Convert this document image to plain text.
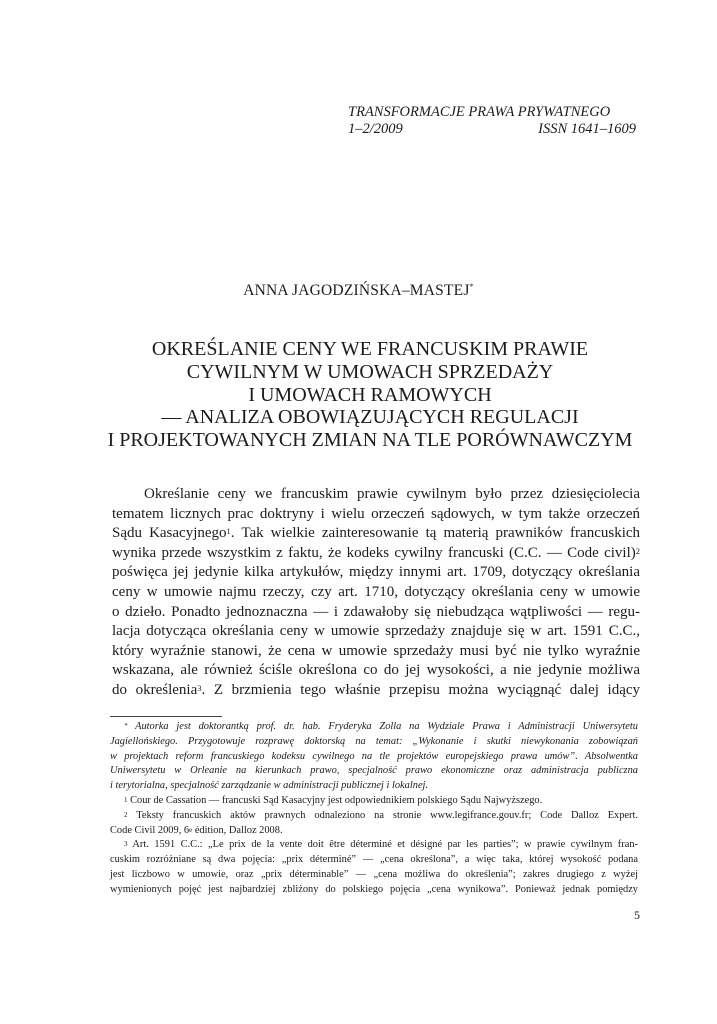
TRANSFORMACJE PRAWA PRYWATNEGO
1–2/2009	ISSN 1641–1609
ANNA JAGODZIŃSKA–MASTEJ*
OKREŚLANIE CENY WE FRANCUSKIM PRAWIE
CYWILNYM W UMOWACH SPRZEDAŻY
I UMOWACH RAMOWYCH
— ANALIZA OBOWIĄZUJĄCYCH REGULACJI
I PROJEKTOWANYCH ZMIAN NA TLE PORÓWNAWCZYM
Określanie ceny we francuskim prawie cywilnym było przez dziesięciolecia
tematem licznych prac doktryny i wielu orzeczeń sądowych, w tym także orzeczeń
Sądu Kasacyjnego$^1$. Tak wielkie zainteresowanie tą materią prawników francuskich
wynika przede wszystkim z faktu, że kodeks cywilny francuski (C.C. — Code civil)$^2$
poświęca jej jedynie kilka artykułów, między innymi art. 1709, dotyczący określania
ceny w umowie najmu rzeczy, czy art. 1710, dotyczący określania ceny w umowie
o dzieło. Ponadto jednoznaczna — i zdawałoby się niebudząca wątpliwości — regu-
lacja dotycząca określania ceny w umowie sprzedaży znajduje się w art. 1591 C.C.,
który wyraźnie stanowi, że cena w umowie sprzedaży musi być nie tylko wyraźnie
wskazana, ale również ściśle określona co do jej wysokości, a nie jedynie możliwa
do określenia$^3$. Z brzmienia tego właśnie przepisu można wyciągnąć dalej idący
* Autorka jest doktorantką prof. dr. hab. Fryderyka Zolla na Wydziale Prawa i Administracji Uniwersytetu
Jagiellońskiego. Przygotowuje rozprawę doktorską na temat: „Wykonanie i skutki niewykonania zobowiązań
w projektach reform francuskiego kodeksu cywilnego na tle projektów europejskiego prawa umów”. Absolwentka
Uniwersytetu w Orleanie na kierunkach prawo, specjalność prawo ekonomiczne oraz administracja publiczna
i terytorialna, specjalność zarządzanie w administracji publicznej i lokalnej.
$^1$ Cour de Cassation — francuski Sąd Kasacyjny jest odpowiednikiem polskiego Sądu Najwyższego.
$^2$ Teksty francuskich aktów prawnych odnaleziono na stronie www.legifrance.gouv.fr; Code Dalloz Expert.
Code Civil 2009, 6e édition, Dalloz 2008.
$^3$ Art. 1591 C.C.: „Le prix de la vente doit être déterminé et désigné par les parties”; w prawie cywilnym fran-
cuskim rozróżniane są dwa pojęcia: „prix déterminé” — „cena określona”, a więc taka, której wysokość podana
jest liczbowo w umowie, oraz „prix déterminable” — „cena możliwa do określenia”; zakres drugiego z wyżej
wymienionych pojęć jest najbardziej zbliżony do polskiego pojęcia „cena wynikowa”. Ponieważ jednak pomiędzy
5
